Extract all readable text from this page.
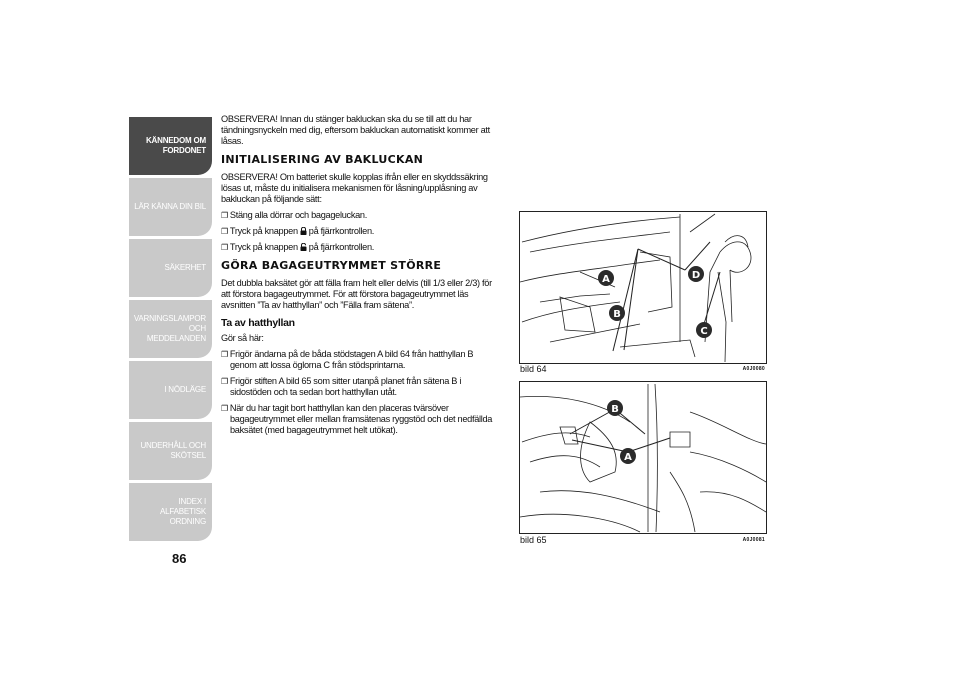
KÄNNEDOM OM FORDONET
LÄR KÄNNA DIN BIL
SÄKERHET
VARNINGSLAMPOR OCH MEDDELANDEN
I NÖDLÄGE
UNDERHÅLL OCH SKÖTSEL
INDEX I ALFABETISK ORDNING
86

OBSERVERA! Innan du stänger bakluckan ska du se till att du har tändningsnyckeln med dig, eftersom bakluckan automatiskt kommer att låsas.

INITIALISERING AV BAKLUCKAN

OBSERVERA! Om batteriet skulle kopplas ifrån eller en skyddssäkring lösas ut, måste du initialisera mekanismen för låsning/upplåsning av bakluckan på följande sätt:

❐ Stäng alla dörrar och bagageluckan.
❐ Tryck på knappen på fjärrkontrollen.
❐ Tryck på knappen på fjärrkontrollen.
GÖRA BAGAGEUTRYMMET STÖRRE

Det dubbla baksätet gör att fälla fram helt eller delvis (till 1/3 eller 2/3) för att förstora bagageutrymmet. För att förstora bagageutrymmet läs avsnitten ”Ta av hatthyllan” och ”Fälla fram sätena”.

Ta av hatthyllan

Gör så här:

❐ Frigör ändarna på de båda stödstagen A bild 64 från hatthyllan B genom att lossa öglorna C från stödsprintarna.
❐ Frigör stiften A bild 65 som sitter utanpå planet från sätena B i sidostöden och ta sedan bort hatthyllan utåt.
❐ När du har tagit bort hatthyllan kan den placeras tvärsöver bagageutrymmet eller mellan framsätenas ryggstöd och det nedfällda baksätet (med bagageutrymmet helt utökat).
A
B
C
D
bild 64	A0J0080
B
A
bild 65	A0J0081
